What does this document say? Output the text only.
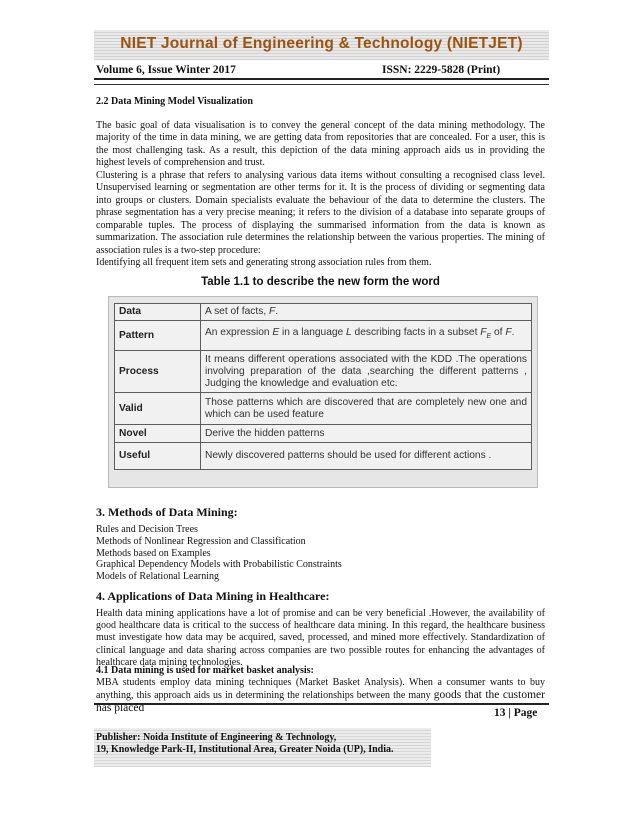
NIET Journal of Engineering & Technology (NIETJET)
Volume 6, Issue Winter 2017	ISSN: 2229-5828 (Print)

2.2 Data Mining Model Visualization

The basic goal of data visualisation is to convey the general concept of the data mining methodology. The majority of the time in data mining, we are getting data from repositories that are concealed. For a user, this is the most challenging task. As a result, this depiction of the data mining approach aids us in providing the highest levels of comprehension and trust.

Clustering is a phrase that refers to analysing various data items without consulting a recognised class level. Unsupervised learning or segmentation are other terms for it. It is the process of dividing or segmenting data into groups or clusters. Domain specialists evaluate the behaviour of the data to determine the clusters. The phrase segmentation has a very precise meaning; it refers to the division of a database into separate groups of comparable tuples. The process of displaying the summarised information from the data is known as summarization. The association rule determines the relationship between the various properties. The mining of association rules is a two-step procedure:

Identifying all frequent item sets and generating strong association rules from them.

Table 1.1 to describe the new form the word
Data	A set of facts, F.
Pattern	An expression E in a language L describing facts in a subset $F_E$ of F.
Process	It means different operations associated with the KDD .The operations involving preparation of the data ,searching the different patterns , Judging the knowledge and evaluation etc.
Valid	Those patterns which are discovered that are completely new one and which can be used feature
Novel	Derive the hidden patterns
Useful	Newly discovered patterns should be used for different actions .

3. Methods of Data Mining:

Rules and Decision Trees

Methods of Nonlinear Regression and Classification

Methods based on Examples

Graphical Dependency Models with Probabilistic Constraints

Models of Relational Learning

4. Applications of Data Mining in Healthcare:

Health data mining applications have a lot of promise and can be very beneficial .However, the availability of good healthcare data is critical to the success of healthcare data mining. In this regard, the healthcare business must investigate how data may be acquired, saved, processed, and mined more effectively. Standardization of clinical language and data sharing across companies are two possible routes for enhancing the advantages of healthcare data mining technologies.

4.1 Data mining is used for market basket analysis:

MBA students employ data mining techniques (Market Basket Analysis). When a consumer wants to buy anything, this approach aids us in determining the relationships between the many goods that the customer has placed	13 | Page
Publisher: Noida Institute of Engineering & Technology,
19, Knowledge Park-II, Institutional Area, Greater Noida (UP), India.
